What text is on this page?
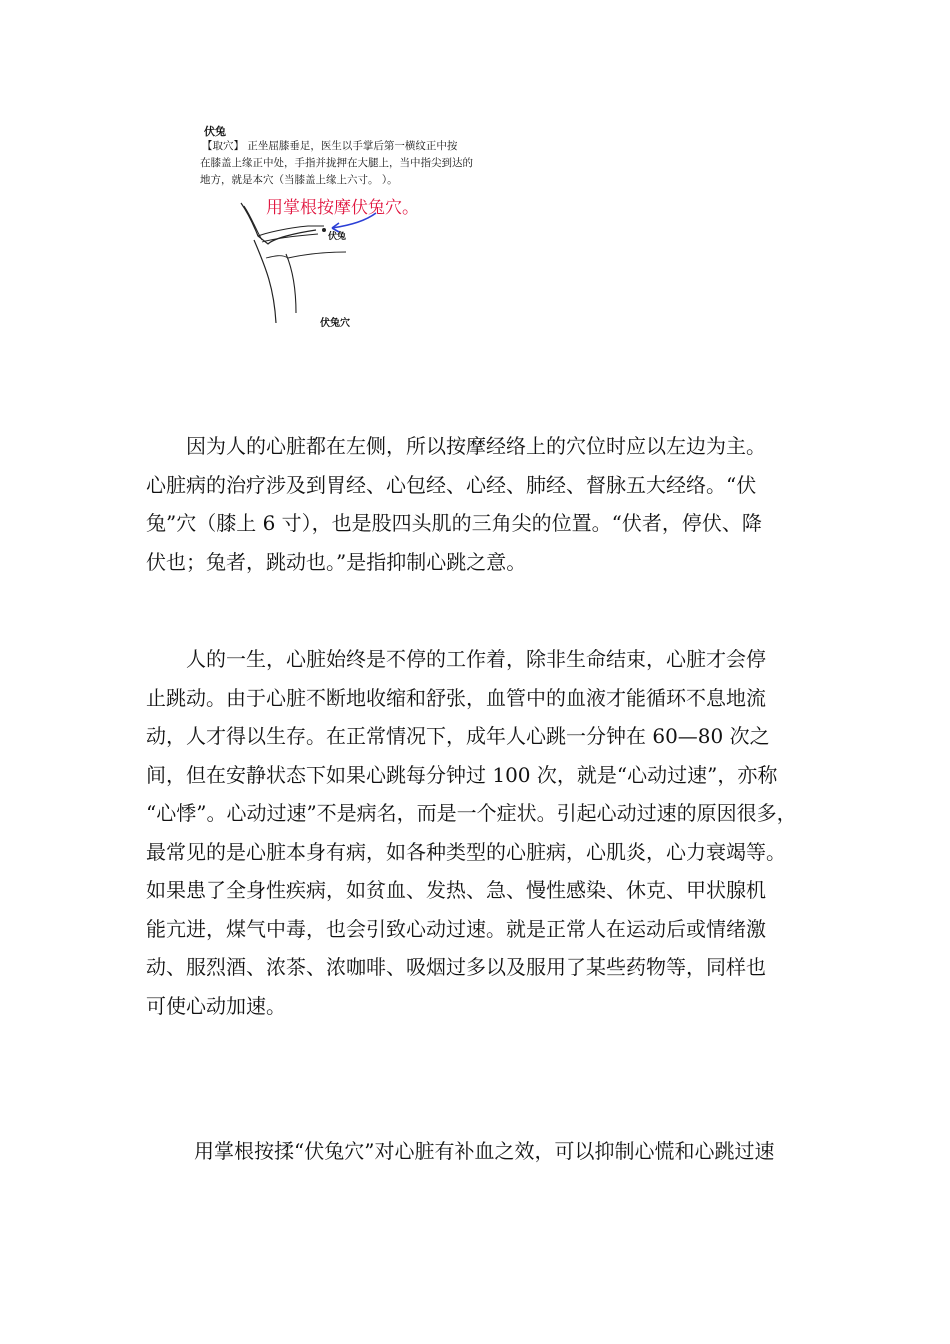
伏兔
【取穴】 正坐屈膝垂足，医生以手掌后第一横纹正中按
在膝盖上缘正中处，手指并拢押在大腿上，当中指尖到达的
地方，就是本穴（当膝盖上缘上六寸。 ）。
用掌根按摩伏兔穴。
伏兔
伏兔穴
因为人的心脏都在左侧，所以按摩经络上的穴位时应以左边为主。
心脏病的治疗涉及到胃经、心包经、心经、肺经、督脉五大经络。“伏
兔”穴（膝上 6 寸），也是股四头肌的三角尖的位置。“伏者，停伏、降
伏也；兔者，跳动也。”是指抑制心跳之意。
人的一生，心脏始终是不停的工作着，除非生命结束，心脏才会停
止跳动。由于心脏不断地收缩和舒张，血管中的血液才能循环不息地流
动，人才得以生存。在正常情况下，成年人心跳一分钟在 60—80 次之
间，但在安静状态下如果心跳每分钟过 100 次，就是“心动过速”，亦称
“心悸”。心动过速”不是病名，而是一个症状。引起心动过速的原因很多，
最常见的是心脏本身有病，如各种类型的心脏病，心肌炎，心力衰竭等。
如果患了全身性疾病，如贫血、发热、急、慢性感染、休克、甲状腺机
能亢进，煤气中毒，也会引致心动过速。就是正常人在运动后或情绪激
动、服烈酒、浓茶、浓咖啡、吸烟过多以及服用了某些药物等，同样也
可使心动加速。
用掌根按揉“伏兔穴”对心脏有补血之效，可以抑制心慌和心跳过速
